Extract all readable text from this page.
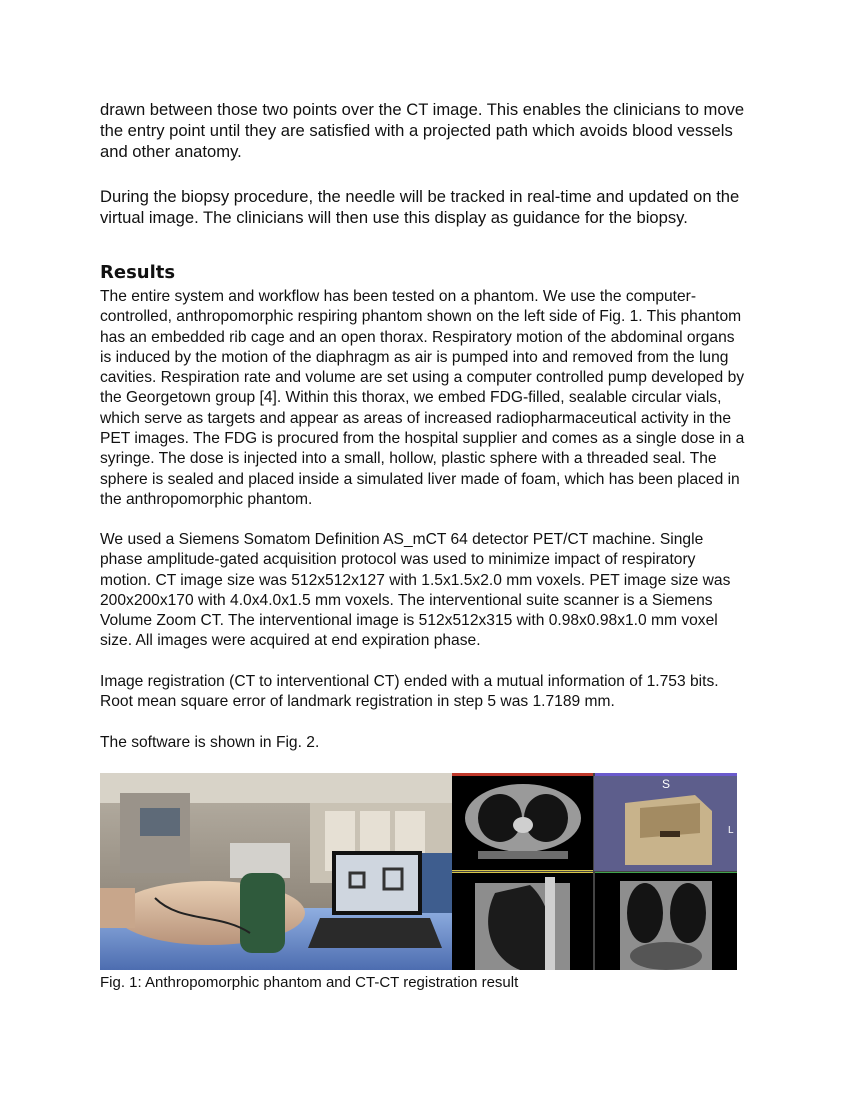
drawn between those two points over the CT image. This enables the clinicians to move the entry point until they are satisfied with a projected path which avoids blood vessels and other anatomy.

During the biopsy procedure, the needle will be tracked in real-time and updated on the virtual image. The clinicians will then use this display as guidance for the biopsy.

Results

The entire system and workflow has been tested on a phantom. We use the computer-controlled, anthropomorphic respiring phantom shown on the left side of Fig. 1. This phantom has an embedded rib cage and an open thorax. Respiratory motion of the abdominal organs is induced by the motion of the diaphragm as air is pumped into and removed from the lung cavities. Respiration rate and volume are set using a computer controlled pump developed by the Georgetown group [4]. Within this thorax, we embed FDG-filled, sealable circular vials, which serve as targets and appear as areas of increased radiopharmaceutical activity in the PET images. The FDG is procured from the hospital supplier and comes as a single dose in a syringe. The dose is injected into a small, hollow, plastic sphere with a threaded seal. The sphere is sealed and placed inside a simulated liver made of foam, which has been placed in the anthropomorphic phantom.

We used a Siemens Somatom Definition AS_mCT 64 detector PET/CT machine. Single phase amplitude-gated acquisition protocol was used to minimize impact of respiratory motion. CT image size was 512x512x127 with 1.5x1.5x2.0 mm voxels. PET image size was 200x200x170 with 4.0x4.0x1.5 mm voxels. The interventional suite scanner is a Siemens Volume Zoom CT. The interventional image is 512x512x315 with 0.98x0.98x1.0 mm voxel size. All images were acquired at end expiration phase.

Image registration (CT to interventional CT) ended with a mutual information of 1.753 bits. Root mean square error of landmark registration in step 5 was 1.7189 mm.

The software is shown in Fig. 2.

S
L

Fig. 1: Anthropomorphic phantom and CT-CT registration result
